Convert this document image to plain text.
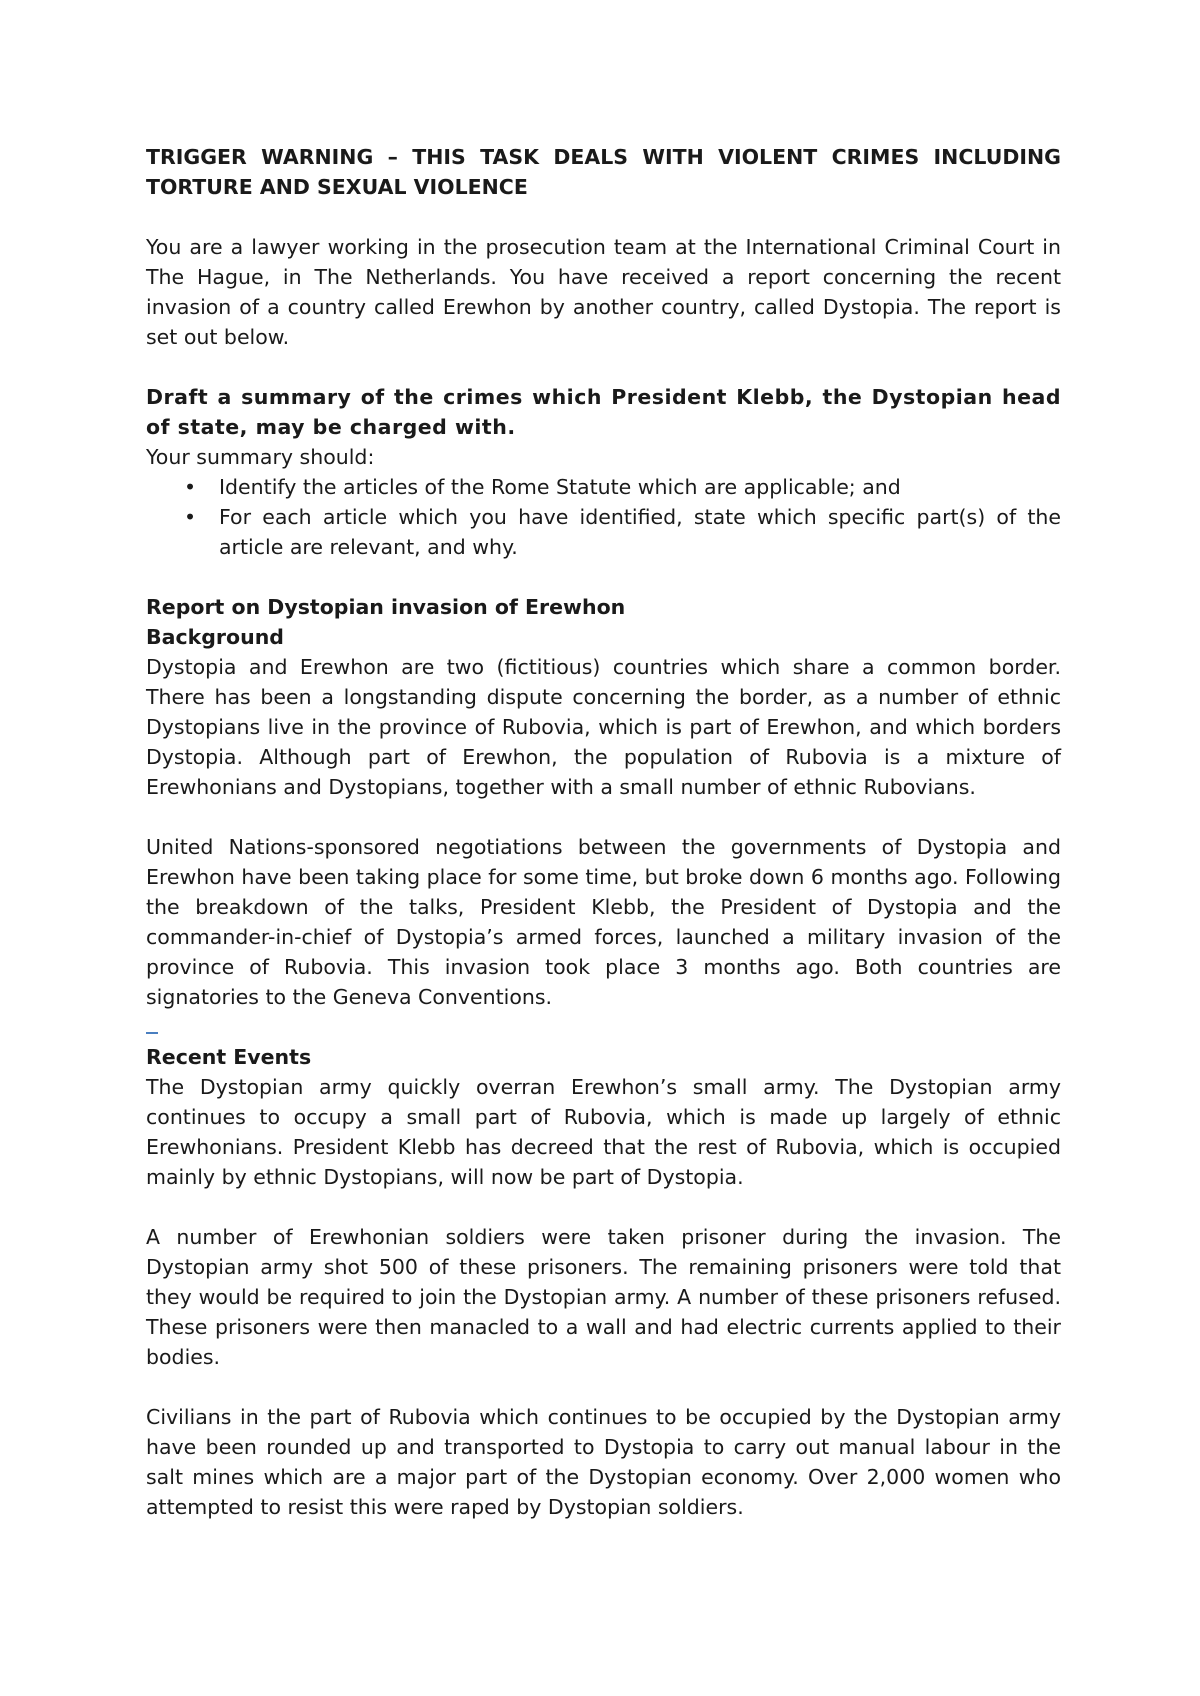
TRIGGER WARNING – THIS TASK DEALS WITH VIOLENT CRIMES INCLUDING TORTURE AND SEXUAL VIOLENCE

You are a lawyer working in the prosecution team at the International Criminal Court in The Hague, in The Netherlands. You have received a report concerning the recent invasion of a country called Erewhon by another country, called Dystopia. The report is set out below.

Draft a summary of the crimes which President Klebb, the Dystopian head of state, may be charged with.

Your summary should:

• Identify the articles of the Rome Statute which are applicable; and
• For each article which you have identified, state which specific part(s) of the article are relevant, and why.

Report on Dystopian invasion of Erewhon

Background

Dystopia and Erewhon are two (fictitious) countries which share a common border. There has been a longstanding dispute concerning the border, as a number of ethnic Dystopians live in the province of Rubovia, which is part of Erewhon, and which borders Dystopia. Although part of Erewhon, the population of Rubovia is a mixture of Erewhonians and Dystopians, together with a small number of ethnic Rubovians.

United Nations-sponsored negotiations between the governments of Dystopia and Erewhon have been taking place for some time, but broke down 6 months ago. Following the breakdown of the talks, President Klebb, the President of Dystopia and the commander-in-chief of Dystopia’s armed forces, launched a military invasion of the province of Rubovia. This invasion took place 3 months ago. Both countries are signatories to the Geneva Conventions.

Recent Events

The Dystopian army quickly overran Erewhon’s small army. The Dystopian army continues to occupy a small part of Rubovia, which is made up largely of ethnic Erewhonians. President Klebb has decreed that the rest of Rubovia, which is occupied mainly by ethnic Dystopians, will now be part of Dystopia.

A number of Erewhonian soldiers were taken prisoner during the invasion. The Dystopian army shot 500 of these prisoners. The remaining prisoners were told that they would be required to join the Dystopian army. A number of these prisoners refused. These prisoners were then manacled to a wall and had electric currents applied to their bodies.

Civilians in the part of Rubovia which continues to be occupied by the Dystopian army have been rounded up and transported to Dystopia to carry out manual labour in the salt mines which are a major part of the Dystopian economy. Over 2,000 women who attempted to resist this were raped by Dystopian soldiers.
